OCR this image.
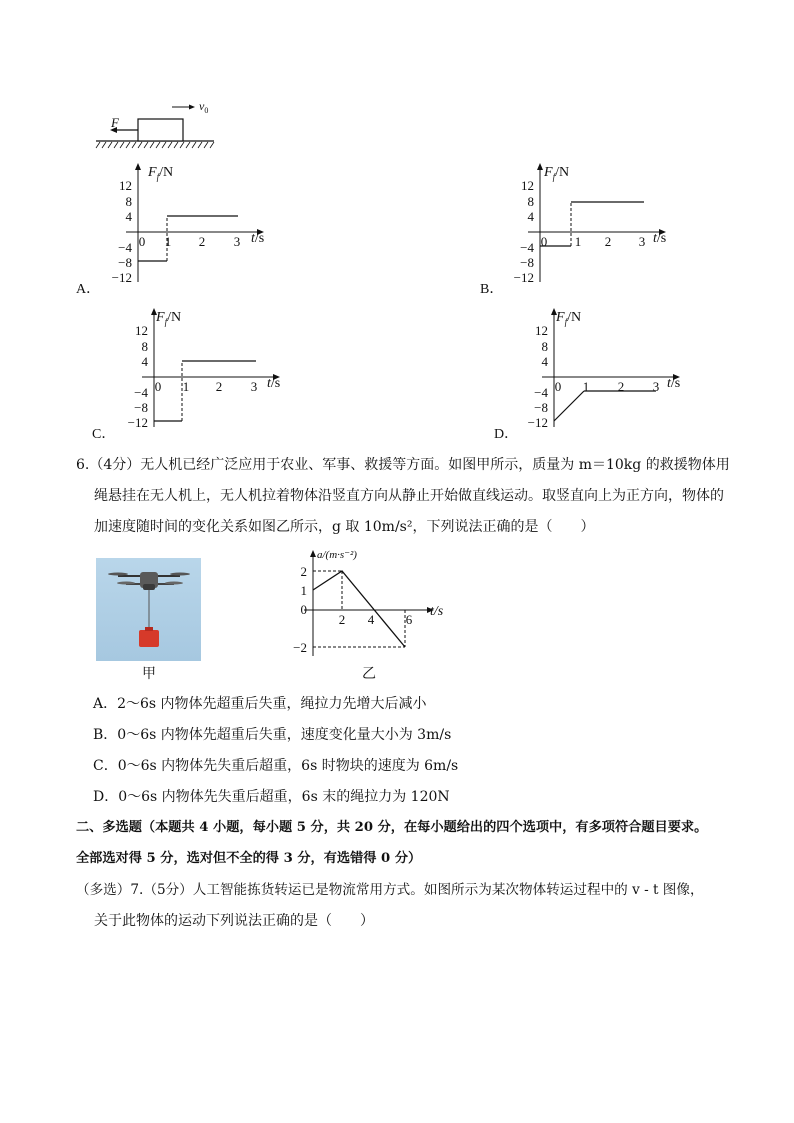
F
$v_0$
12
8
4
−4
−8
−12
0 1 2 3
$F_f/N$
t/s
A．
12
8
4
−4
−8
−12
0 1 2 3
$F_f/N$
t/s
B．
12
8
4
−4
−8
−12
0 1 2 3
$F_f/N$
t/s
C．
12
8
4
−4
−8
−12
0 1 2 3
$F_f/N$
t/s
D．
6.（4分）无人机已经广泛应用于农业、军事、救援等方面。如图甲所示，质量为 m＝10kg 的救援物体用
绳悬挂在无人机上，无人机拉着物体沿竖直方向从静止开始做直线运动。取竖直向上为正方向，物体的
加速度随时间的变化关系如图乙所示，g 取 10m/s²，下列说法正确的是（　　）
甲
a/(m·s⁻²)
t/s
2
1
0
−2
2 4 6
乙
A．2～6s 内物体先超重后失重，绳拉力先增大后减小
B．0～6s 内物体先超重后失重，速度变化量大小为 3m/s
C．0～6s 内物体先失重后超重，6s 时物块的速度为 6m/s
D．0～6s 内物体先失重后超重，6s 末的绳拉力为 120N
二、多选题（本题共 4 小题，每小题 5 分，共 20 分，在每小题给出的四个选项中，有多项符合题目要求。
全部选对得 5 分，选对但不全的得 3 分，有选错得 0 分）
（多选）7.（5分）人工智能拣货转运已是物流常用方式。如图所示为某次物体转运过程中的 v - t 图像，
关于此物体的运动下列说法正确的是（　　）
